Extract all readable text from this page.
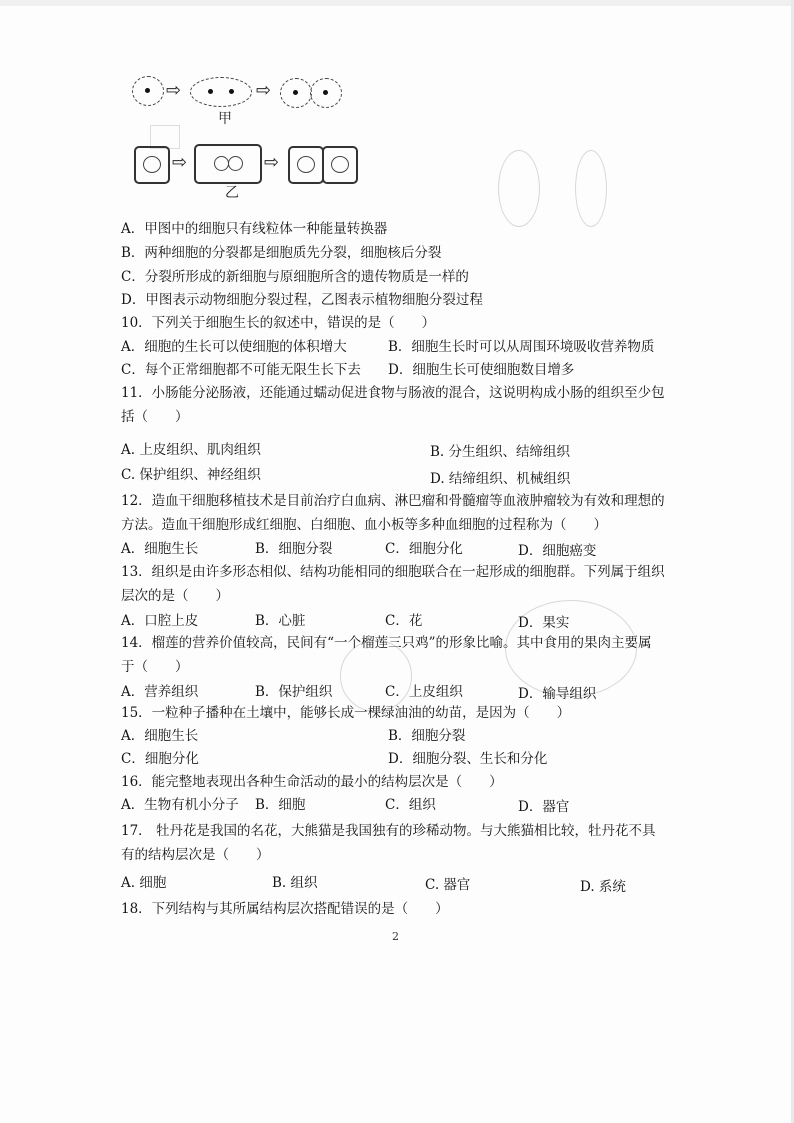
⇨	⇨
甲
⇨	⇨
乙
A．甲图中的细胞只有线粒体一种能量转换器
B．两种细胞的分裂都是细胞质先分裂，细胞核后分裂
C．分裂所形成的新细胞与原细胞所含的遗传物质是一样的
D．甲图表示动物细胞分裂过程，乙图表示植物细胞分裂过程
10．下列关于细胞生长的叙述中，错误的是（　　）
A．细胞的生长可以使细胞的体积增大	B．细胞生长时可以从周围环境吸收营养物质
C．每个正常细胞都不可能无限生长下去 D．细胞生长可使细胞数目增多
11．小肠能分泌肠液，还能通过蠕动促进食物与肠液的混合，这说明构成小肠的组织至少包
括（　　）
A. 上皮组织、肌肉组织	B. 分生组织、结缔组织
C. 保护组织、神经组织	D. 结缔组织、机械组织
12．造血干细胞移植技术是目前治疗白血病、淋巴瘤和骨髓瘤等血液肿瘤较为有效和理想的
方法。造血干细胞形成红细胞、白细胞、血小板等多种血细胞的过程称为（　　）
A．细胞生长	B．细胞分裂	C．细胞分化	D．细胞癌变
13．组织是由许多形态相似、结构功能相同的细胞联合在一起形成的细胞群。下列属于组织
层次的是（　　）
A．口腔上皮	B．心脏	C．花	D．果实
14．榴莲的营养价值较高，民间有“一个榴莲三只鸡”的形象比喻。其中食用的果肉主要属
于（　　）
A．营养组织	B．保护组织	C．上皮组织	D．输导组织
15．一粒种子播种在土壤中，能够长成一棵绿油油的幼苗，是因为（　　）
A．细胞生长	B．细胞分裂
C．细胞分化	D．细胞分裂、生长和分化
16．能完整地表现出各种生命活动的最小的结构层次是（　　）
A．生物有机小分子 B．细胞	C．组织	D．器官
17． 牡丹花是我国的名花，大熊猫是我国独有的珍稀动物。与大熊猫相比较，牡丹花不具
有的结构层次是（　　）
A. 细胞	B. 组织	C. 器官	D. 系统
18．下列结构与其所属结构层次搭配错误的是（　　）
2
